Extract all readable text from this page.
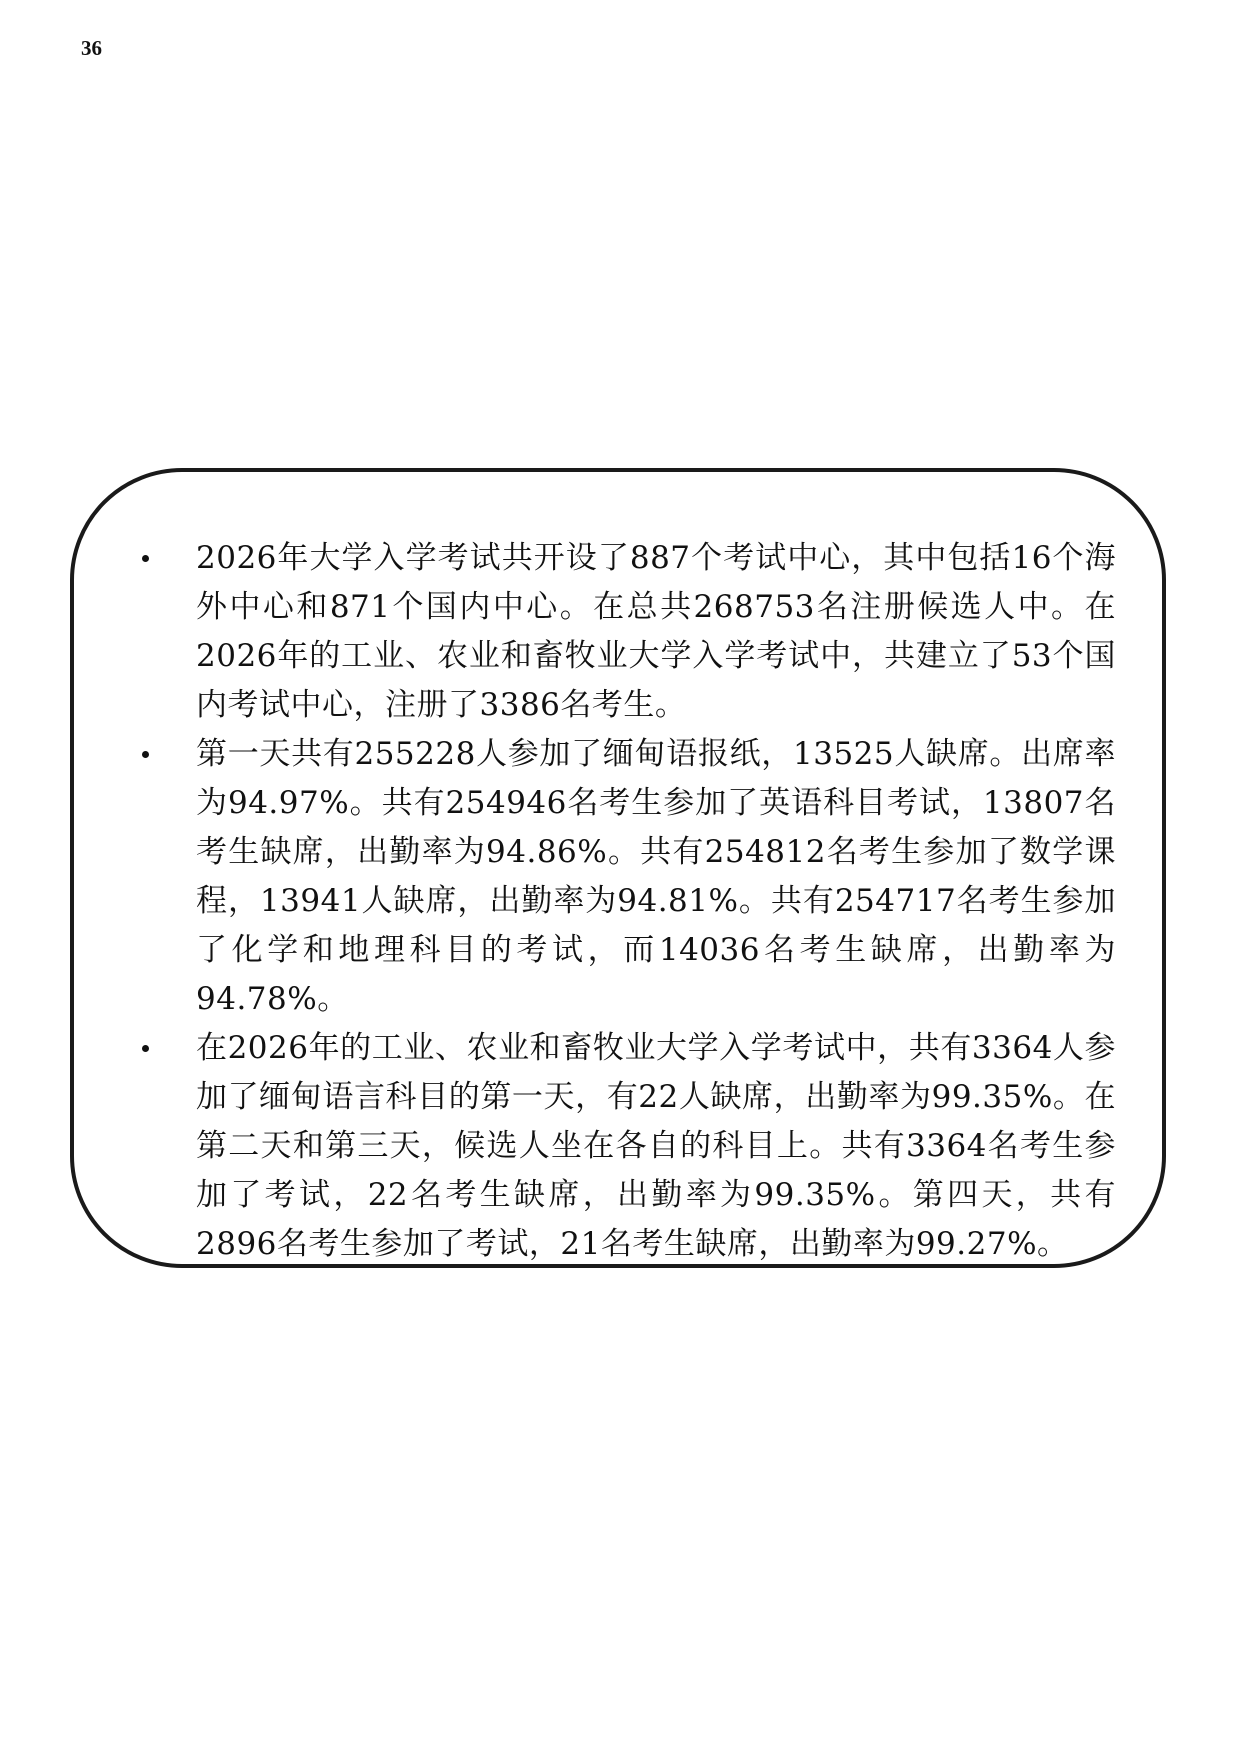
36
2026年大学入学考试共开设了887个考试中心，其中包括16个海外中心和871个国内中心。在总共268753名注册候选人中。在2026年的工业、农业和畜牧业大学入学考试中，共建立了53个国内考试中心，注册了3386名考生。
第一天共有255228人参加了缅甸语报纸，13525人缺席。出席率为94.97%。共有254946名考生参加了英语科目考试，13807名考生缺席，出勤率为94.86%。共有254812名考生参加了数学课程，13941人缺席，出勤率为94.81%。共有254717名考生参加了化学和地理科目的考试，而14036名考生缺席，出勤率为94.78%。
在2026年的工业、农业和畜牧业大学入学考试中，共有3364人参加了缅甸语言科目的第一天，有22人缺席，出勤率为99.35%。在第二天和第三天，候选人坐在各自的科目上。共有3364名考生参加了考试，22名考生缺席，出勤率为99.35%。第四天，共有2896名考生参加了考试，21名考生缺席，出勤率为99.27%。
